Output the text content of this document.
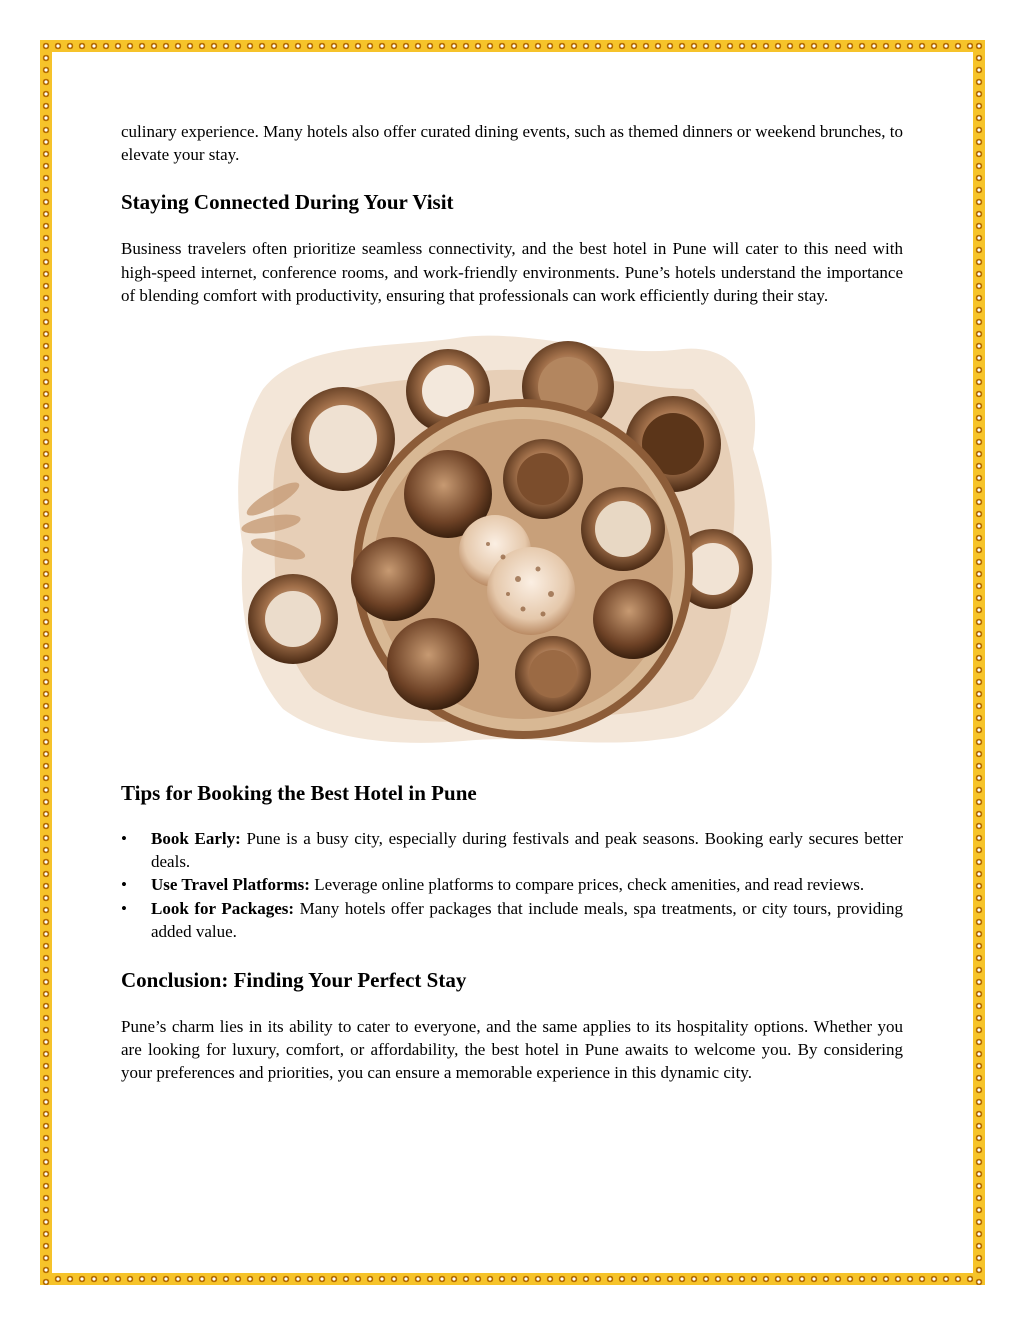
culinary experience. Many hotels also offer curated dining events, such as themed dinners or weekend brunches, to elevate your stay.

Staying Connected During Your Visit

Business travelers often prioritize seamless connectivity, and the best hotel in Pune will cater to this need with high-speed internet, conference rooms, and work-friendly environments. Pune’s hotels understand the importance of blending comfort with productivity, ensuring that professionals can work efficiently during their stay.

Tips for Booking the Best Hotel in Pune
•	Book Early: Pune is a busy city, especially during festivals and peak seasons. Booking early secures better deals.
•	Use Travel Platforms: Leverage online platforms to compare prices, check amenities, and read reviews.
•	Look for Packages: Many hotels offer packages that include meals, spa treatments, or city tours, providing added value.
Conclusion: Finding Your Perfect Stay

Pune’s charm lies in its ability to cater to everyone, and the same applies to its hospitality options. Whether you are looking for luxury, comfort, or affordability, the best hotel in Pune awaits to welcome you. By considering your preferences and priorities, you can ensure a memorable experience in this dynamic city.
